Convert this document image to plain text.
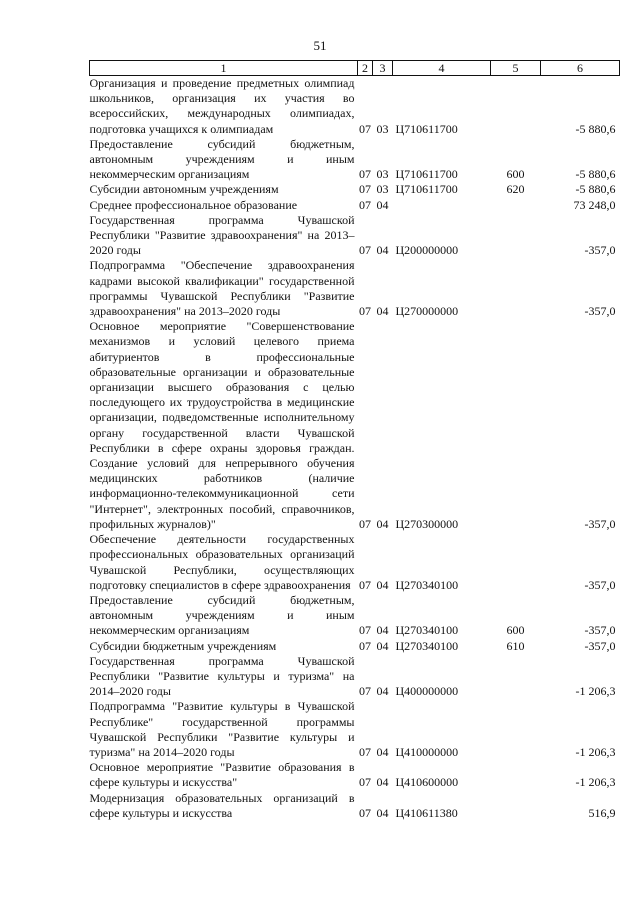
51
1	2	3	4	5	6
Организация и проведение предметных олимпиад школьников, организация их участия во всероссийских, международных олимпиадах, подготовка учащихся к олимпиадам	07	03	Ц710611700		-5 880,6
Предоставление субсидий бюджетным, автономным учреждениям и иным некоммерческим организациям	07	03	Ц710611700	600	-5 880,6
Субсидии автономным учреждениям	07	03	Ц710611700	620	-5 880,6
Среднее профессиональное образование	07	04			73 248,0
Государственная программа Чувашской Республики "Развитие здравоохранения" на 2013–2020 годы	07	04	Ц200000000		-357,0
Подпрограмма "Обеспечение здравоохранения кадрами высокой квалификации" государственной программы Чувашской Республики "Развитие здравоохранения" на 2013–2020 годы	07	04	Ц270000000		-357,0
Основное мероприятие "Совершенствование механизмов и условий целевого приема абитуриентов в профессиональные образовательные организации и образовательные организации высшего образования с целью последующего их трудоустройства в медицинские организации, подведомственные исполнительному органу государственной власти Чувашской Республики в сфере охраны здоровья граждан. Создание условий для непрерывного обучения медицинских работников (наличие информационно-телекоммуникационной сети "Интернет", электронных пособий, справочников, профильных журналов)"	07	04	Ц270300000		-357,0
Обеспечение деятельности государственных профессиональных образовательных организаций Чувашской Республики, осуществляющих подготовку специалистов в сфере здравоохранения	07	04	Ц270340100		-357,0
Предоставление субсидий бюджетным, автономным учреждениям и иным некоммерческим организациям	07	04	Ц270340100	600	-357,0
Субсидии бюджетным учреждениям	07	04	Ц270340100	610	-357,0
Государственная программа Чувашской Республики "Развитие культуры и туризма" на 2014–2020 годы	07	04	Ц400000000		-1 206,3
Подпрограмма "Развитие культуры в Чувашской Республике" государственной программы Чувашской Республики "Развитие культуры и туризма" на 2014–2020 годы	07	04	Ц410000000		-1 206,3
Основное мероприятие "Развитие образования в сфере культуры и искусства"	07	04	Ц410600000		-1 206,3
Модернизация образовательных организаций в сфере культуры и искусства	07	04	Ц410611380		516,9
